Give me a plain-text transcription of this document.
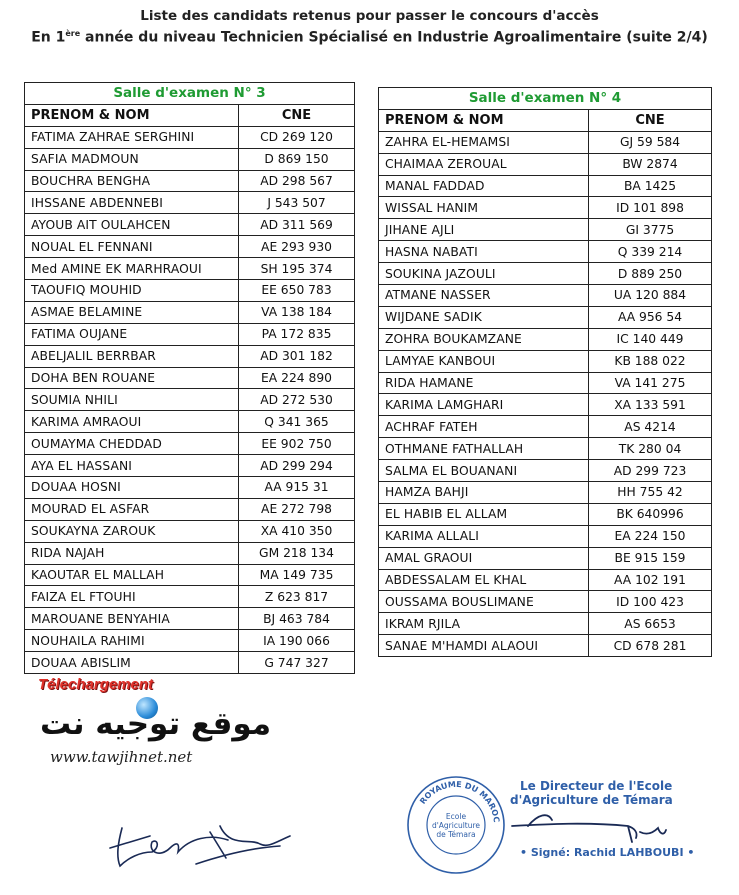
Liste des candidats retenus pour passer le concours d'accès
En 1ère année du niveau Technicien Spécialisé en Industrie Agroalimentaire (suite 2/4)
Salle d'examen N° 3	
PRENOM & NOM	CNE
FATIMA ZAHRAE SERGHINI	CD 269 120
SAFIA MADMOUN	D 869 150
BOUCHRA BENGHA	AD 298 567
IHSSANE ABDENNEBI	J 543 507
AYOUB AIT OULAHCEN	AD 311 569
NOUAL EL FENNANI	AE 293 930
Med AMINE EK MARHRAOUI	SH 195 374
TAOUFIQ MOUHID	EE 650 783
ASMAE BELAMINE	VA 138 184
FATIMA OUJANE	PA 172 835
ABELJALIL BERRBAR	AD 301 182
DOHA BEN ROUANE	EA 224 890
SOUMIA NHILI	AD 272 530
KARIMA AMRAOUI	Q 341 365
OUMAYMA CHEDDAD	EE 902 750
AYA EL HASSANI	AD 299 294
DOUAA HOSNI	AA 915 31
MOURAD EL ASFAR	AE 272 798
SOUKAYNA ZAROUK	XA 410 350
RIDA NAJAH	GM 218 134
KAOUTAR EL MALLAH	MA 149 735
FAIZA EL FTOUHI	Z 623 817
MAROUANE BENYAHIA	BJ 463 784
NOUHAILA RAHIMI	IA 190 066
DOUAA ABISLIM	G 747 327
Salle d'examen N° 4	
PRENOM & NOM	CNE
ZAHRA EL-HEMAMSI	GJ 59 584
CHAIMAA ZEROUAL	BW 2874
MANAL FADDAD	BA 1425
WISSAL HANIM	ID 101 898
JIHANE AJLI	GI 3775
HASNA NABATI	Q 339 214
SOUKINA JAZOULI	D 889 250
ATMANE NASSER	UA 120 884
WIJDANE SADIK	AA 956 54
ZOHRA BOUKAMZANE	IC 140 449
LAMYAE KANBOUI	KB 188 022
RIDA HAMANE	VA 141 275
KARIMA LAMGHARI	XA 133 591
ACHRAF FATEH	AS 4214
OTHMANE FATHALLAH	TK 280 04
SALMA EL BOUANANI	AD 299 723
HAMZA BAHJI	HH 755 42
EL HABIB EL ALLAM	BK 640996
KARIMA ALLALI	EA 224 150
AMAL GRAOUI	BE 915 159
ABDESSALAM EL KHAL	AA 102 191
OUSSAMA BOUSLIMANE	ID 100 423
IKRAM RJILA	AS 6653
SANAE M'HAMDI ALAOUI	CD 678 281
Télechargement
موقع توجيه نت
www.tawjihnet.net
ROYAUME DU MAROC
Ecole
d'Agriculture
de Témara
Le Directeur de l'Ecole
d'Agriculture de Témara
• Signé: Rachid LAHBOUBI •
